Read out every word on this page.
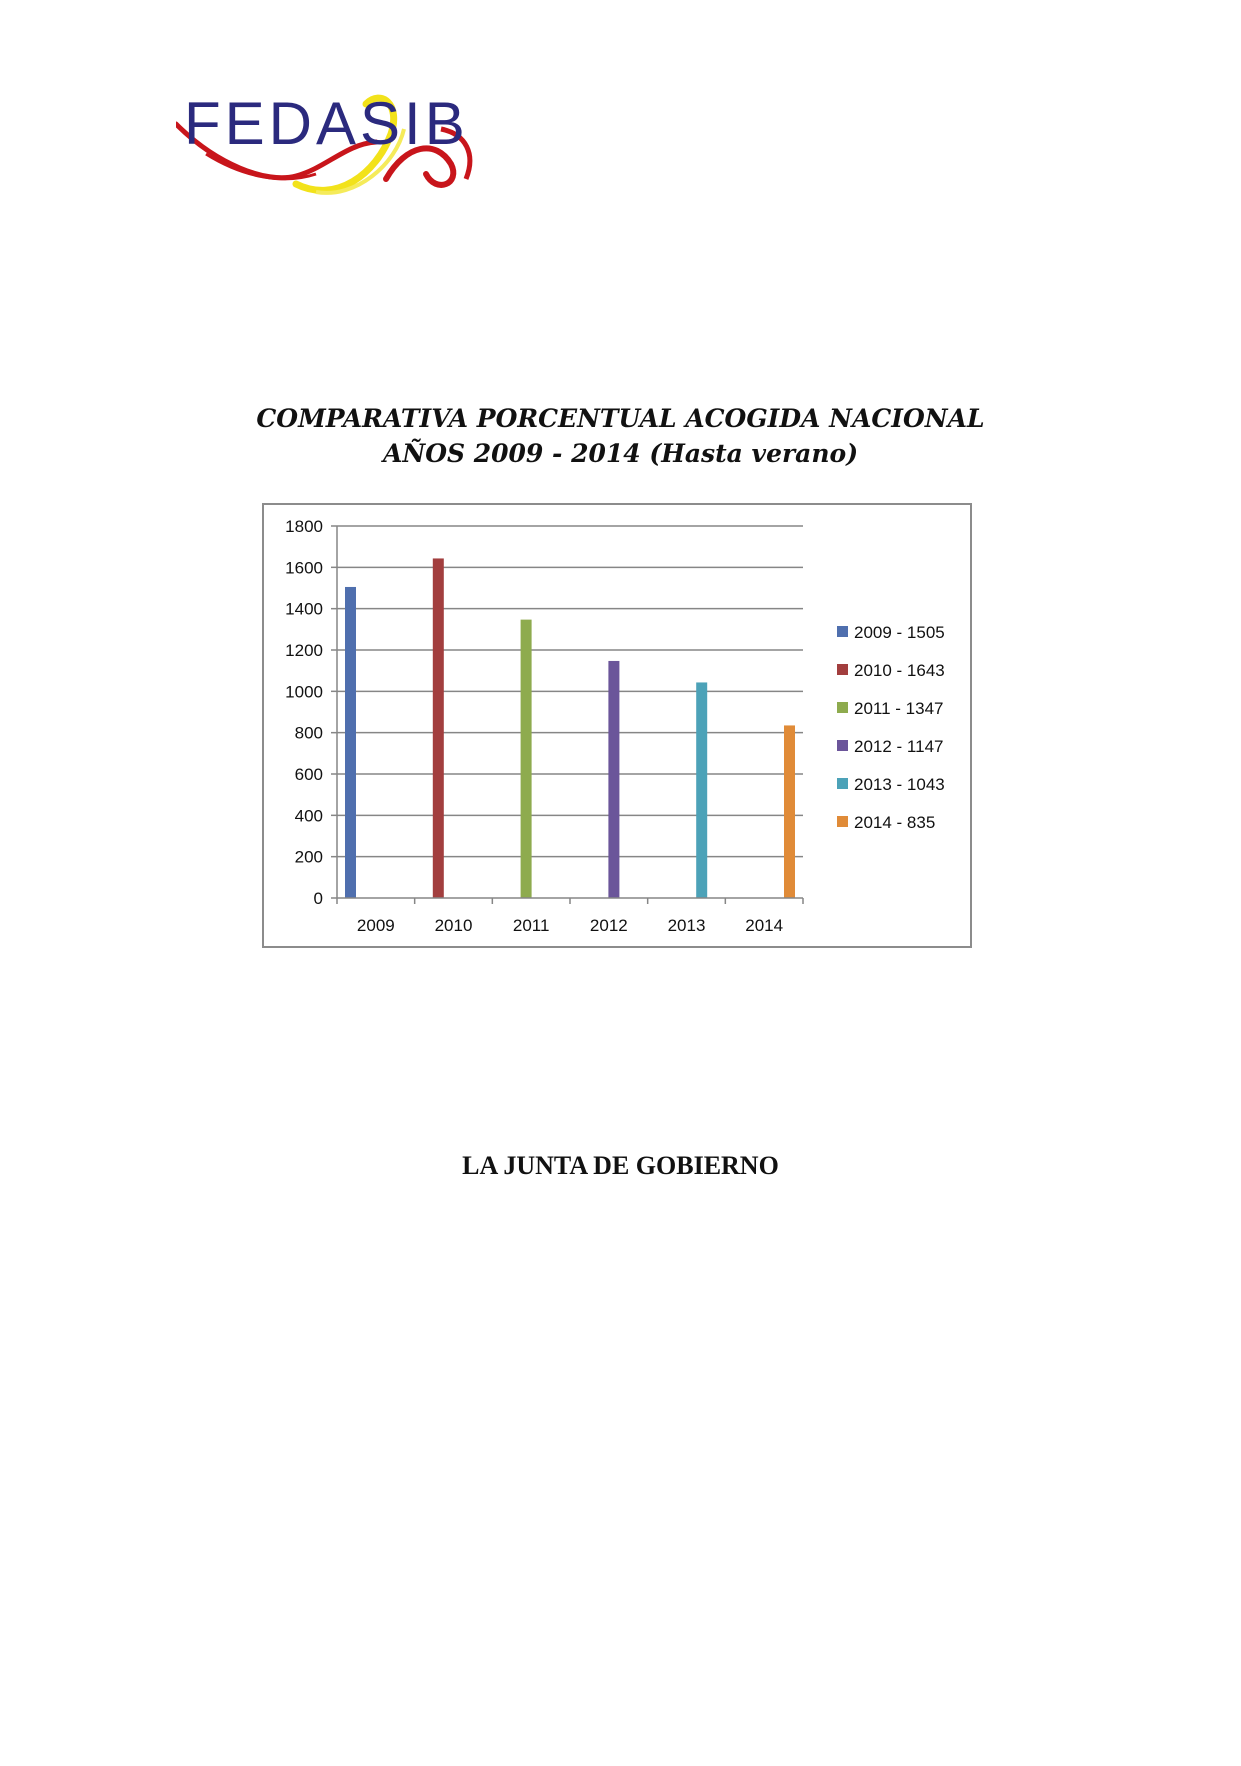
FEDASIB
COMPARATIVA PORCENTUAL ACOGIDA NACIONAL
AÑOS 2009 - 2014 (Hasta verano)
0
200
400
600
800
1000
1200
1400
1600
1800
2009 2010 2011 2012 2013 2014
2009 - 1505
2010 - 1643
2011 - 1347
2012 - 1147
2013 - 1043
2014 - 835
LA JUNTA DE GOBIERNO
